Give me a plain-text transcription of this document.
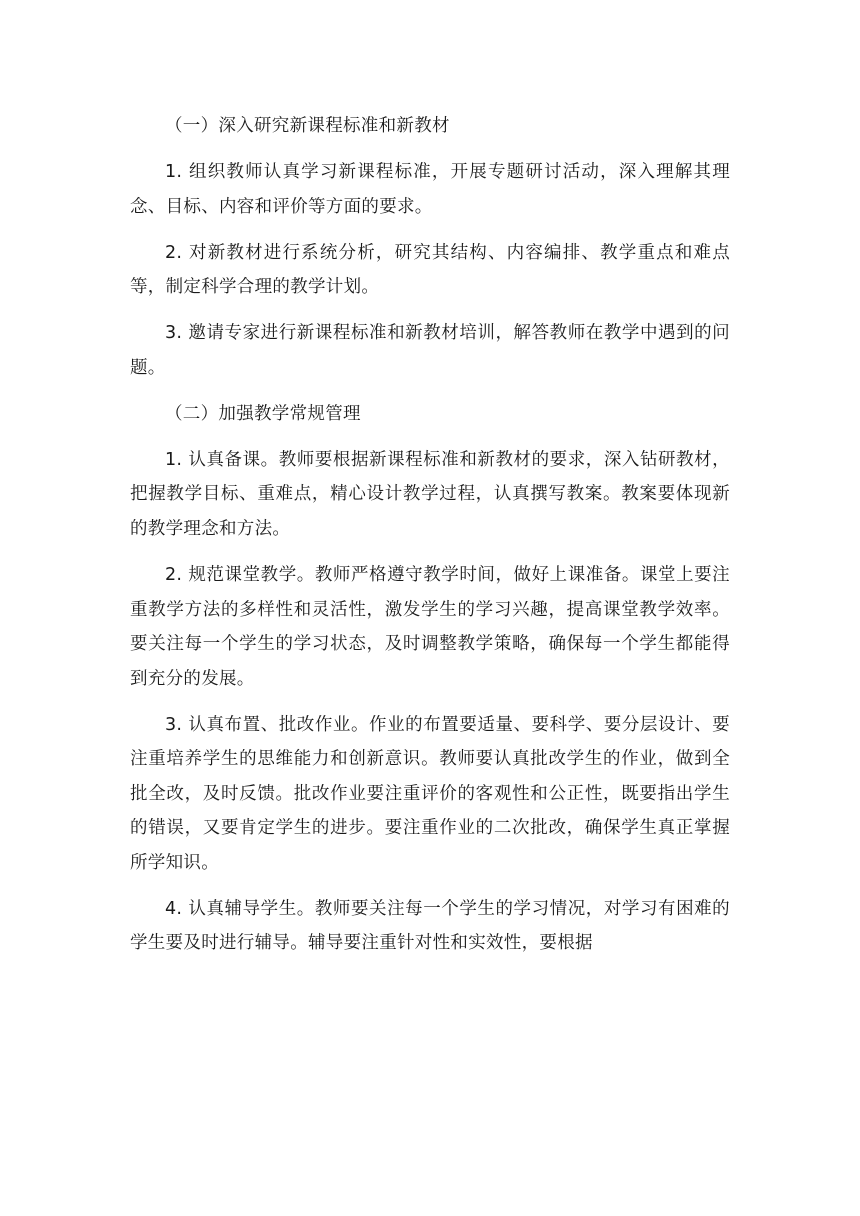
（一）深入研究新课程标准和新教材

1. 组织教师认真学习新课程标准，开展专题研讨活动，深入理解其理念、目标、内容和评价等方面的要求。

2. 对新教材进行系统分析，研究其结构、内容编排、教学重点和难点等，制定科学合理的教学计划。

3. 邀请专家进行新课程标准和新教材培训，解答教师在教学中遇到的问题。

（二）加强教学常规管理

1. 认真备课。教师要根据新课程标准和新教材的要求，深入钻研教材，把握教学目标、重难点，精心设计教学过程，认真撰写教案。教案要体现新的教学理念和方法。

2. 规范课堂教学。教师严格遵守教学时间，做好上课准备。课堂上要注重教学方法的多样性和灵活性，激发学生的学习兴趣，提高课堂教学效率。要关注每一个学生的学习状态，及时调整教学策略，确保每一个学生都能得到充分的发展。

3. 认真布置、批改作业。作业的布置要适量、要科学、要分层设计、要注重培养学生的思维能力和创新意识。教师要认真批改学生的作业，做到全批全改，及时反馈。批改作业要注重评价的客观性和公正性，既要指出学生的错误，又要肯定学生的进步。要注重作业的二次批改，确保学生真正掌握所学知识。

4. 认真辅导学生。教师要关注每一个学生的学习情况，对学习有困难的学生要及时进行辅导。辅导要注重针对性和实效性，要根据
